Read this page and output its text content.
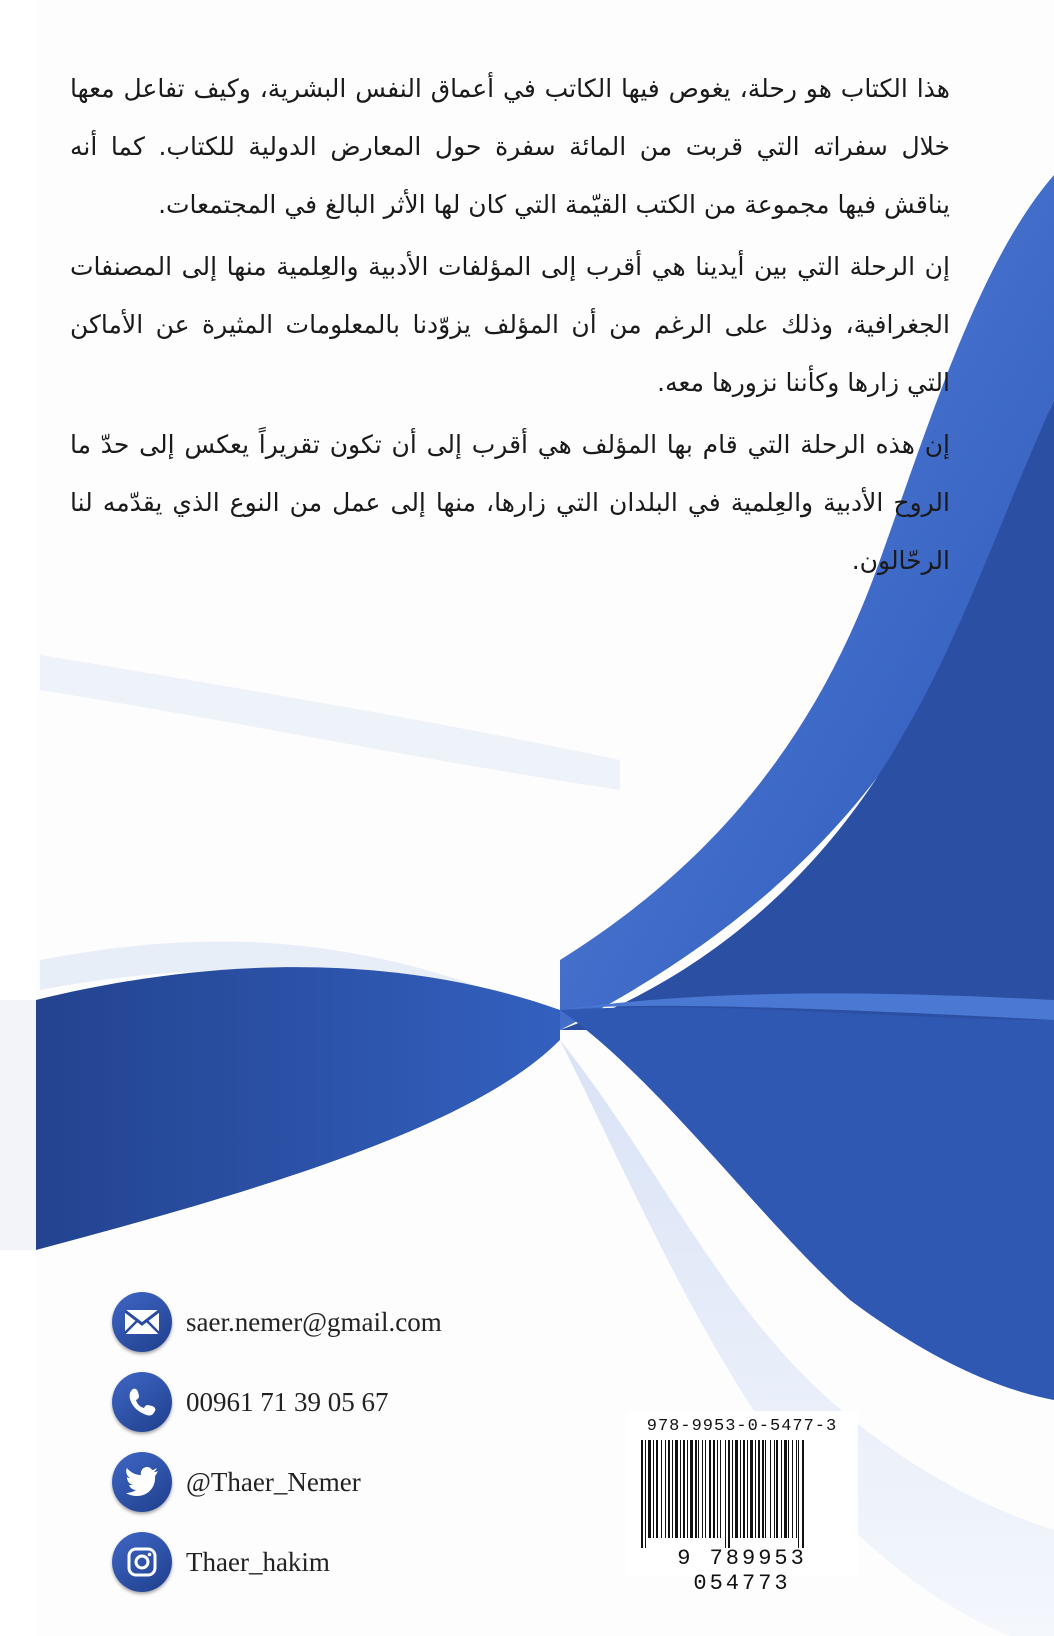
هذا الكتاب هو رحلة، يغوص فيها الكاتب في أعماق النفس البشرية، وكيف تفاعل معها خلال سفراته التي قربت من المائة سفرة حول المعارض الدولية للكتاب. كما أنه يناقش فيها مجموعة من الكتب القيّمة التي كان لها الأثر البالغ في المجتمعات.

إن الرحلة التي بين أيدينا هي أقرب إلى المؤلفات الأدبية والعِلمية منها إلى المصنفات الجغرافية، وذلك على الرغم من أن المؤلف يزوّدنا بالمعلومات المثيرة عن الأماكن التي زارها وكأننا نزورها معه.

إن هذه الرحلة التي قام بها المؤلف هي أقرب إلى أن تكون تقريراً يعكس إلى حدّ ما الروح الأدبية والعِلمية في البلدان التي زارها، منها إلى عمل من النوع الذي يقدّمه لنا الرحّالون.

saer.nemer@gmail.com
00961 71 39 05 67
@Thaer_Nemer
Thaer_hakim
978-9953-0-5477-3
9 789953 054773
